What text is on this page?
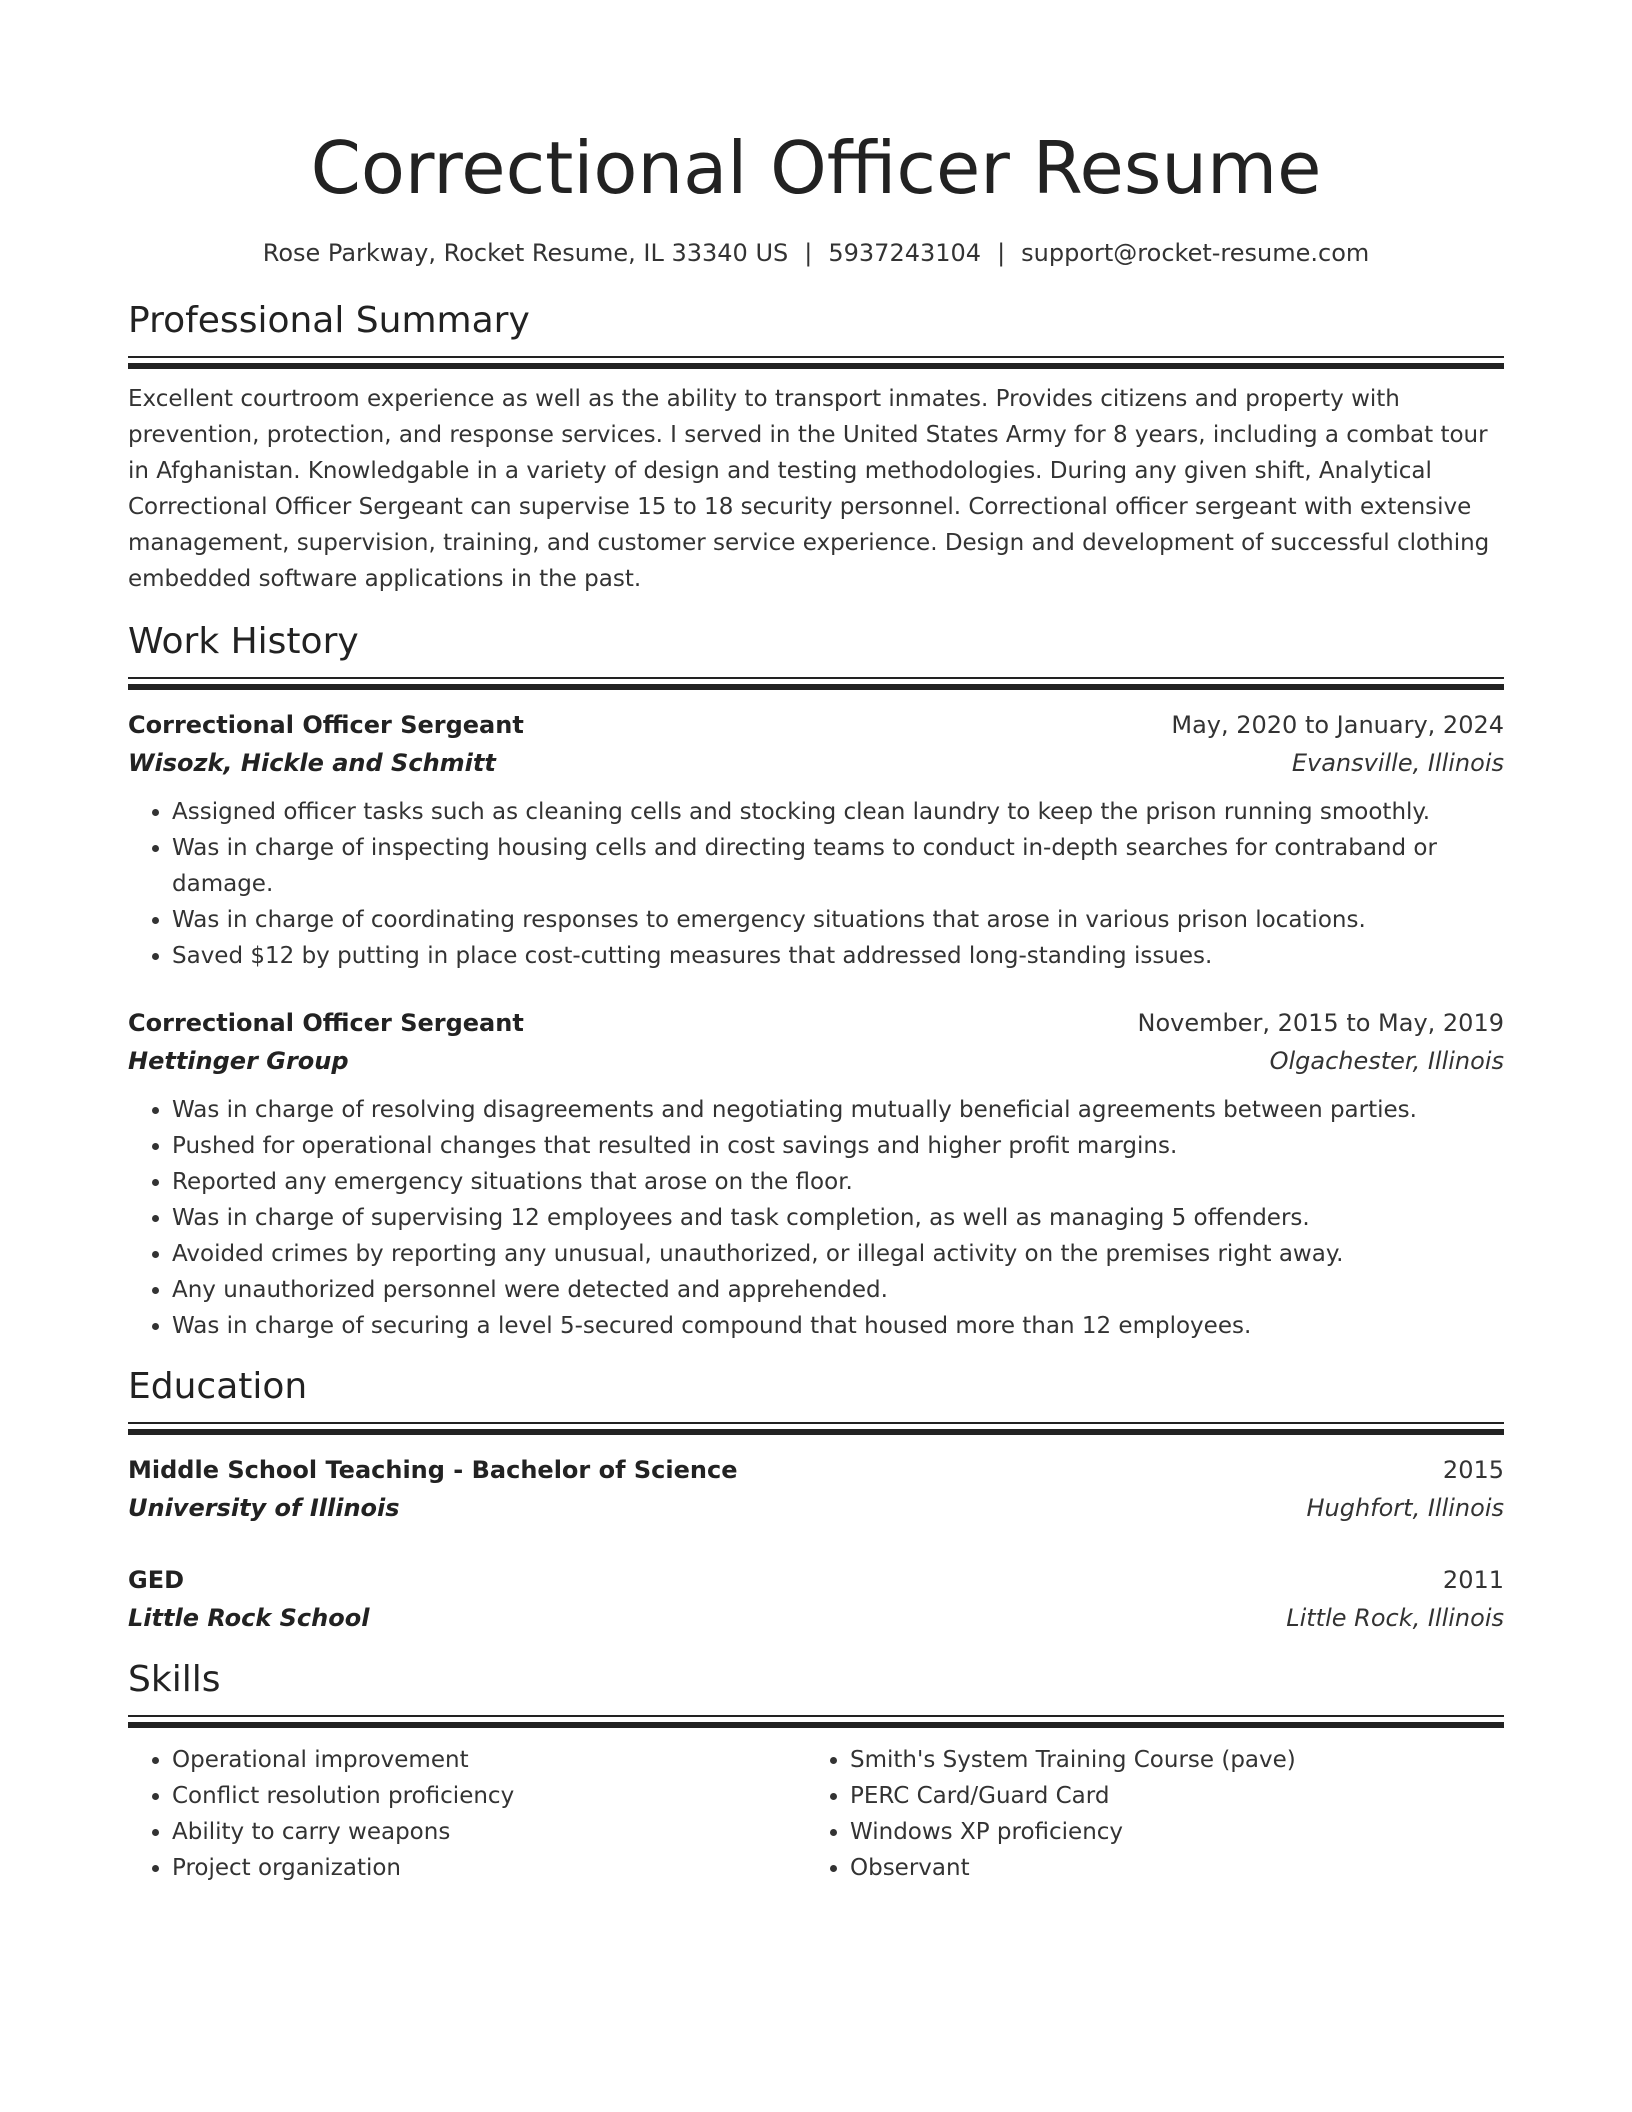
Correctional Officer Resume
Rose Parkway, Rocket Resume, IL 33340 US | 5937243104 | support@rocket-resume.com
Professional Summary
Excellent courtroom experience as well as the ability to transport inmates. Provides citizens and property with prevention, protection, and response services. I served in the United States Army for 8 years, including a combat tour in Afghanistan. Knowledgable in a variety of design and testing methodologies. During any given shift, Analytical Correctional Officer Sergeant can supervise 15 to 18 security personnel. Correctional officer sergeant with extensive management, supervision, training, and customer service experience. Design and development of successful clothing embedded software applications in the past.
Work History
Correctional Officer Sergeant	May, 2020 to January, 2024
Wisozk, Hickle and Schmitt	Evansville, Illinois
• Assigned officer tasks such as cleaning cells and stocking clean laundry to keep the prison running smoothly.
• Was in charge of inspecting housing cells and directing teams to conduct in-depth searches for contraband or damage.
• Was in charge of coordinating responses to emergency situations that arose in various prison locations.
• Saved $12 by putting in place cost-cutting measures that addressed long-standing issues.
Correctional Officer Sergeant	November, 2015 to May, 2019
Hettinger Group	Olgachester, Illinois
• Was in charge of resolving disagreements and negotiating mutually beneficial agreements between parties.
• Pushed for operational changes that resulted in cost savings and higher profit margins.
• Reported any emergency situations that arose on the floor.
• Was in charge of supervising 12 employees and task completion, as well as managing 5 offenders.
• Avoided crimes by reporting any unusual, unauthorized, or illegal activity on the premises right away.
• Any unauthorized personnel were detected and apprehended.
• Was in charge of securing a level 5-secured compound that housed more than 12 employees.
Education
Middle School Teaching - Bachelor of Science	2015
University of Illinois	Hughfort, Illinois
GED	2011
Little Rock School	Little Rock, Illinois
Skills
• Operational improvement
• Conflict resolution proficiency
• Ability to carry weapons
• Project organization
• Smith's System Training Course (pave)
• PERC Card/Guard Card
• Windows XP proficiency
• Observant
